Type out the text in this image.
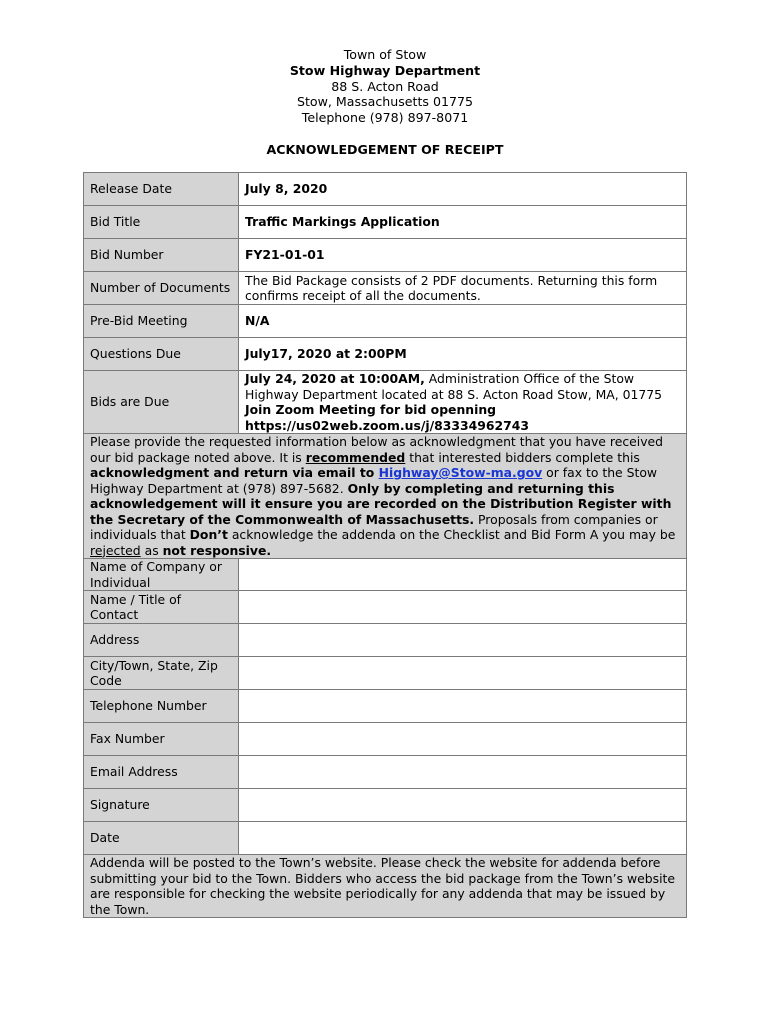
Town of Stow
Stow Highway Department
88 S. Acton Road
Stow, Massachusetts 01775
Telephone (978) 897-8071
ACKNOWLEDGEMENT OF RECEIPT
Release Date	July 8, 2020
Bid Title	Traffic Markings Application
Bid Number	FY21-01-01
Number of Documents	The Bid Package consists of 2 PDF documents. Returning this form confirms receipt of all the documents.
Pre-Bid Meeting	N/A
Questions Due	July17, 2020 at 2:00PM
Bids are Due	July 24, 2020 at 10:00AM, Administration Office of the Stow Highway Department located at 88 S. Acton Road Stow, MA, 01775
Join Zoom Meeting for bid openning
https://us02web.zoom.us/j/83334962743
Please provide the requested information below as acknowledgment that you have received our bid package noted above. It is recommended that interested bidders complete this acknowledgment and return via email to Highway@Stow-ma.gov or fax to the Stow Highway Department at (978) 897-5682. Only by completing and returning this acknowledgement will it ensure you are recorded on the Distribution Register with the Secretary of the Commonwealth of Massachusetts. Proposals from companies or individuals that Don’t acknowledge the addenda on the Checklist and Bid Form A you may be rejected as not responsive.	
Name of Company or Individual	
Name / Title of Contact	
Address	
City/Town, State, Zip Code	
Telephone Number	
Fax Number	
Email Address	
Signature	
Date	
Addenda will be posted to the Town’s website. Please check the website for addenda before submitting your bid to the Town. Bidders who access the bid package from the Town’s website are responsible for checking the website periodically for any addenda that may be issued by the Town.	
